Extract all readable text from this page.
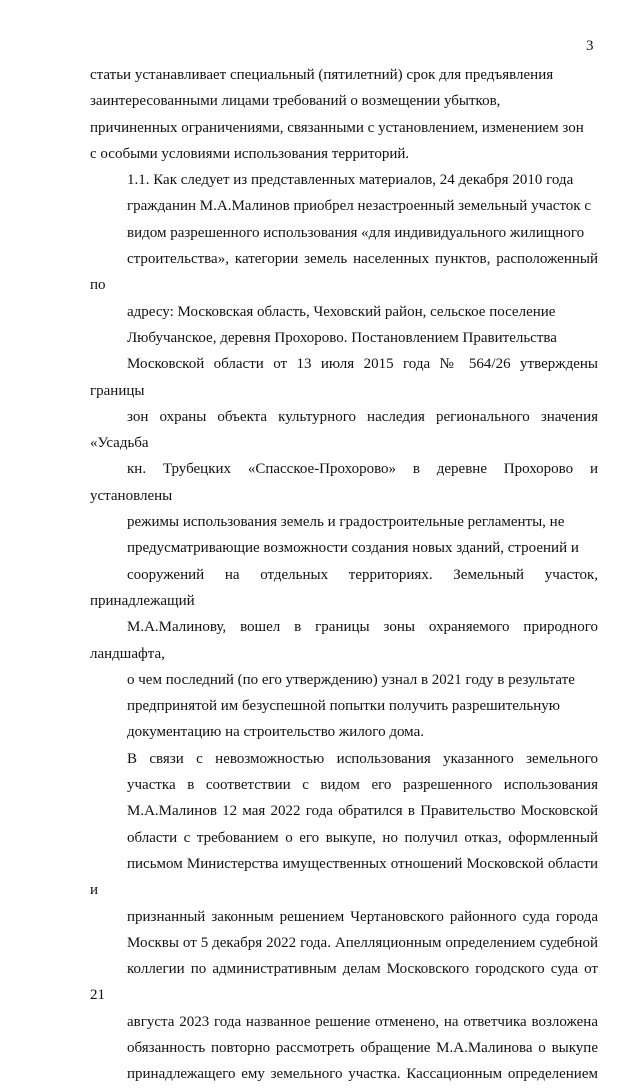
3
статьи устанавливает специальный (пятилетний) срок для предъявления
заинтересованными лицами требований о возмещении убытков,
причиненных ограничениями, связанными с установлением, изменением зон
с особыми условиями использования территорий.
1.1. Как следует из представленных материалов, 24 декабря 2010 года
гражданин М.А.Малинов приобрел незастроенный земельный участок с
видом разрешенного использования «для индивидуального жилищного
строительства», категории земель населенных пунктов, расположенный по
адресу: Московская область, Чеховский район, сельское поселение
Любучанское, деревня Прохорово. Постановлением Правительства
Московской области от 13 июля 2015 года № 564/26 утверждены границы
зон охраны объекта культурного наследия регионального значения «Усадьба
кн. Трубецких «Спасское-Прохорово» в деревне Прохорово и установлены
режимы использования земель и градостроительные регламенты, не
предусматривающие возможности создания новых зданий, строений и
сооружений на отдельных территориях. Земельный участок, принадлежащий
М.А.Малинову, вошел в границы зоны охраняемого природного ландшафта,
о чем последний (по его утверждению) узнал в 2021 году в результате
предпринятой им безуспешной попытки получить разрешительную
документацию на строительство жилого дома.
В связи с невозможностью использования указанного земельного
участка в соответствии с видом его разрешенного использования
М.А.Малинов 12 мая 2022 года обратился в Правительство Московской
области с требованием о его выкупе, но получил отказ, оформленный
письмом Министерства имущественных отношений Московской области и
признанный законным решением Чертановского районного суда города
Москвы от 5 декабря 2022 года. Апелляционным определением судебной
коллегии по административным делам Московского городского суда от 21
августа 2023 года названное решение отменено, на ответчика возложена
обязанность повторно рассмотреть обращение М.А.Малинова о выкупе
принадлежащего ему земельного участка. Кассационным определением
